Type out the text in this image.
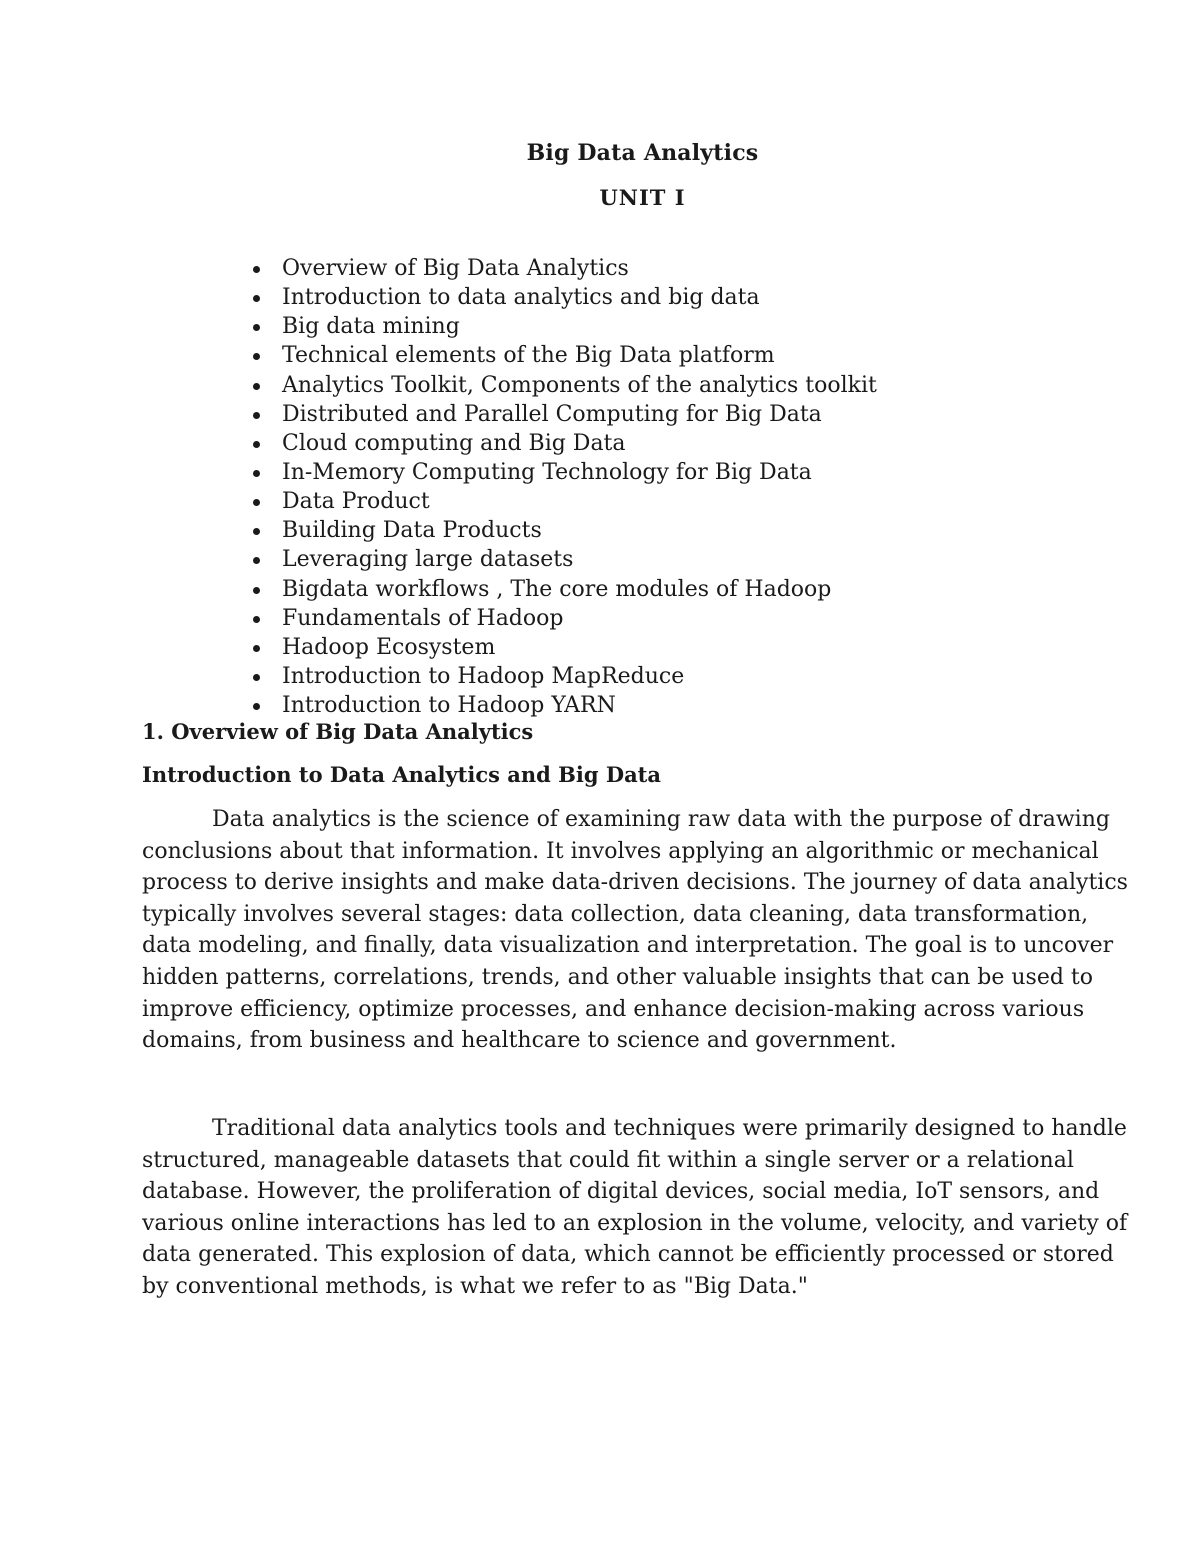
Big Data Analytics
UNIT I
Overview of Big Data Analytics
Introduction to data analytics and big data
Big data mining
Technical elements of the Big Data platform
Analytics Toolkit, Components of the analytics toolkit
Distributed and Parallel Computing for Big Data
Cloud computing and Big Data
In-Memory Computing Technology for Big Data
Data Product
Building Data Products
Leveraging large datasets
Bigdata workflows , The core modules of Hadoop
Fundamentals of Hadoop
Hadoop Ecosystem
Introduction to Hadoop MapReduce
Introduction to Hadoop YARN
1. Overview of Big Data Analytics
Introduction to Data Analytics and Big Data

Data analytics is the science of examining raw data with the purpose of drawing conclusions about that information. It involves applying an algorithmic or mechanical process to derive insights and make data-driven decisions. The journey of data analytics typically involves several stages: data collection, data cleaning, data transformation, data modeling, and finally, data visualization and interpretation. The goal is to uncover hidden patterns, correlations, trends, and other valuable insights that can be used to improve efficiency, optimize processes, and enhance decision-making across various domains, from business and healthcare to science and government.

Traditional data analytics tools and techniques were primarily designed to handle structured, manageable datasets that could fit within a single server or a relational database. However, the proliferation of digital devices, social media, IoT sensors, and various online interactions has led to an explosion in the volume, velocity, and variety of data generated. This explosion of data, which cannot be efficiently processed or stored by conventional methods, is what we refer to as "Big Data."
